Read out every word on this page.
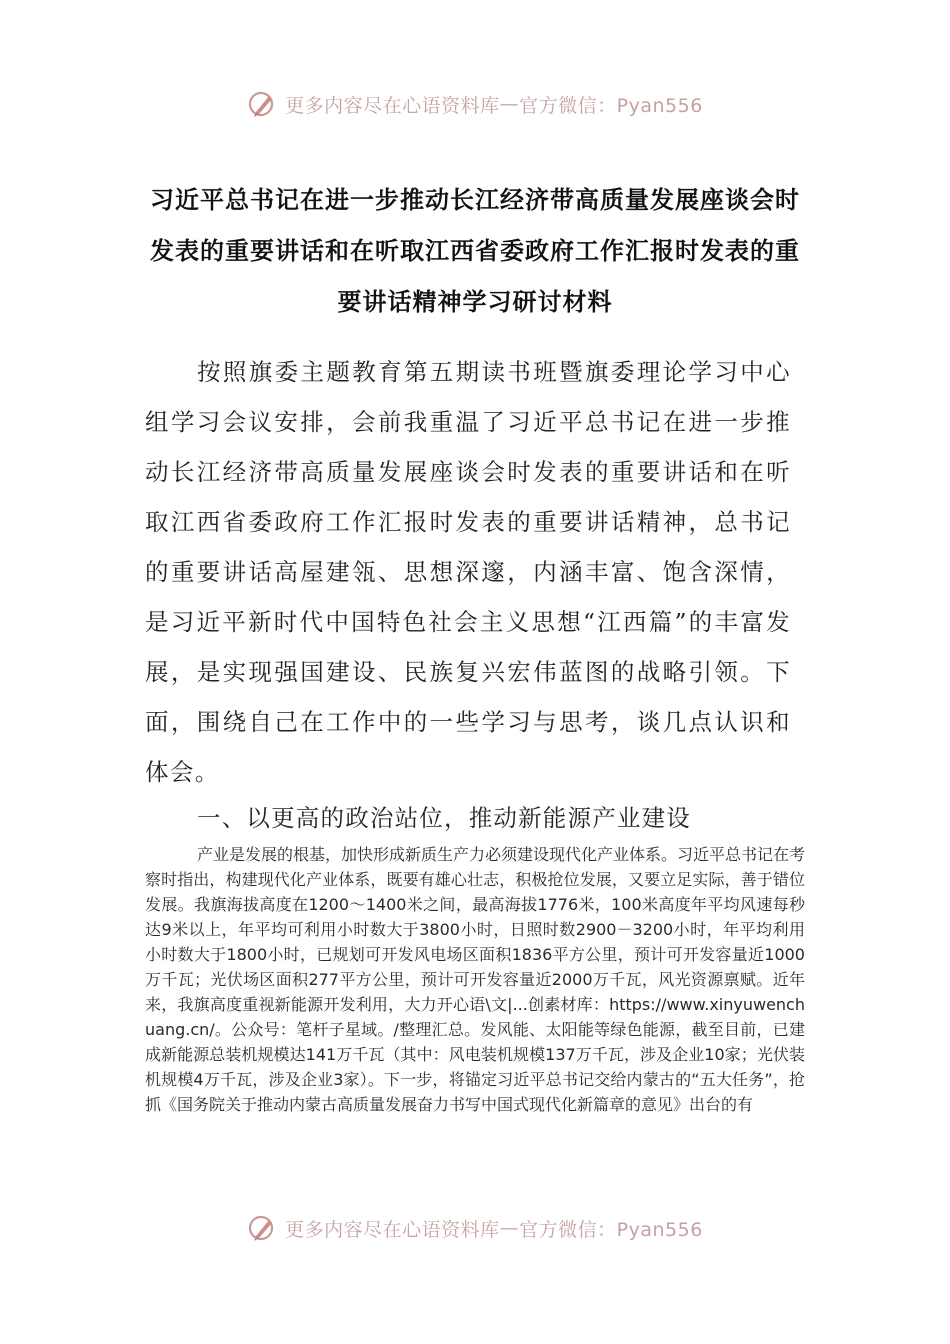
更多内容尽在心语资料库 — 官方微信：Pyan556
习近平总书记在进一步推动长江经济带高质量发展座谈会时发表的重要讲话和在听取江西省委政府工作汇报时发表的重要讲话精神学习研讨材料

按照旗委主题教育第五期读书班暨旗委理论学习中心组学习会议安排，会前我重温了习近平总书记在进一步推动长江经济带高质量发展座谈会时发表的重要讲话和在听取江西省委政府工作汇报时发表的重要讲话精神，总书记的重要讲话高屋建瓴、思想深邃，内涵丰富、饱含深情，是习近平新时代中国特色社会主义思想“江西篇”的丰富发展，是实现强国建设、民族复兴宏伟蓝图的战略引领。下面，围绕自己在工作中的一些学习与思考，谈几点认识和体会。

一、以更高的政治站位，推动新能源产业建设

产业是发展的根基，加快形成新质生产力必须建设现代化产业体系。习近平总书记在考察时指出，构建现代化产业体系，既要有雄心壮志，积极抢位发展，又要立足实际，善于错位发展。我旗海拔高度在1200～1400米之间，最高海拔1776米，100米高度年平均风速每秒达9米以上，年平均可利用小时数大于3800小时，日照时数2900－3200小时，年平均利用小时数大于1800小时，已规划可开发风电场区面积1836平方公里，预计可开发容量近1000万千瓦；光伏场区面积277平方公里，预计可开发容量近2000万千瓦，风光资源禀赋。近年来，我旗高度重视新能源开发利用，大力开心语\文|...创素材库：https://www.xinyuwenchuang.cn/。公众号：笔杆子星域。/整理汇总。发风能、太阳能等绿色能源，截至目前，已建成新能源总装机规模达141万千瓦（其中：风电装机规模137万千瓦，涉及企业10家；光伏装机规模4万千瓦，涉及企业3家）。下一步，将锚定习近平总书记交给内蒙古的“五大任务”，抢抓《国务院关于推动内蒙古高质量发展奋力书写中国式现代化新篇章的意见》出台的有

更多内容尽在心语资料库 — 官方微信：Pyan556
